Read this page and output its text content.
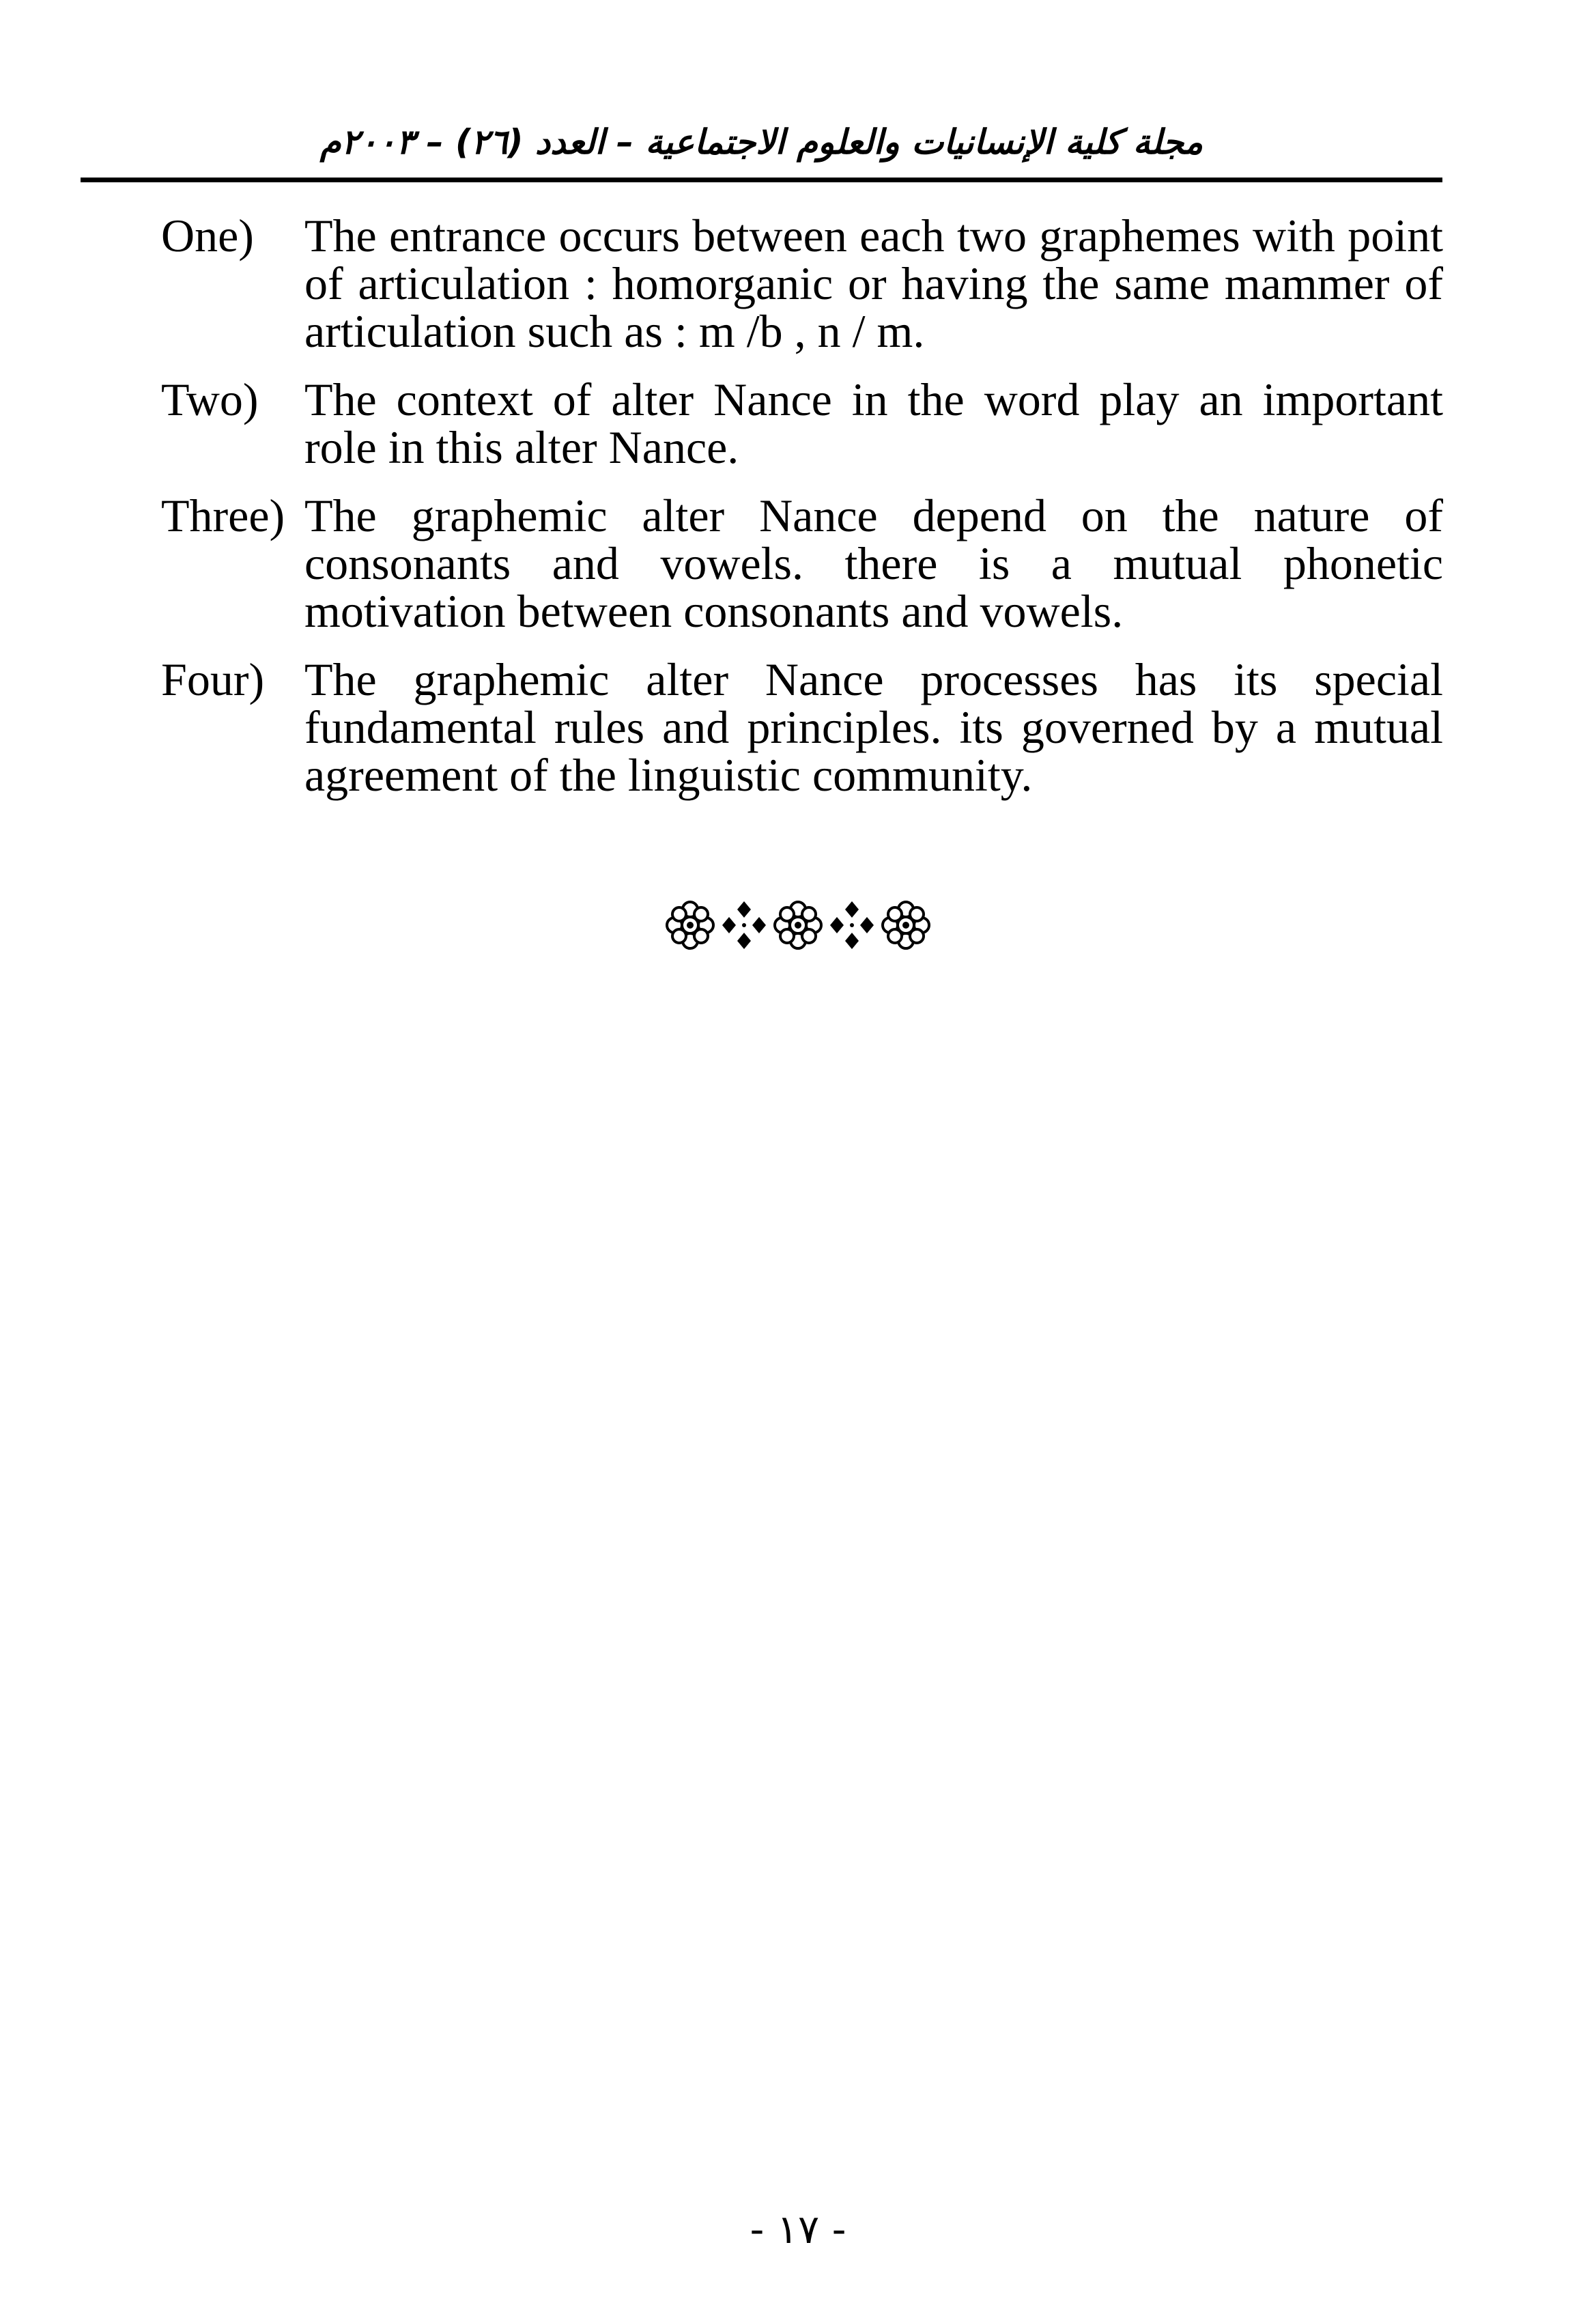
مجلة كلية الإنسانيات والعلوم الاجتماعية – العدد (٢٦) – ٢٠٠٣م
One)	The entrance occurs between each two graphemes with point of articulation : homorganic or having the same mammer of articulation such as : m /b , n / m.
Two) The context of alter Nance in the word play an important role in this alter Nance.
Three) The graphemic alter Nance depend on the nature of consonants and vowels. there is a mutual phonetic motivation between consonants and vowels.
Four) The graphemic alter Nance processes has its special fundamental rules and principles. its governed by a mutual agreement of the linguistic community.
- ١٧ -
